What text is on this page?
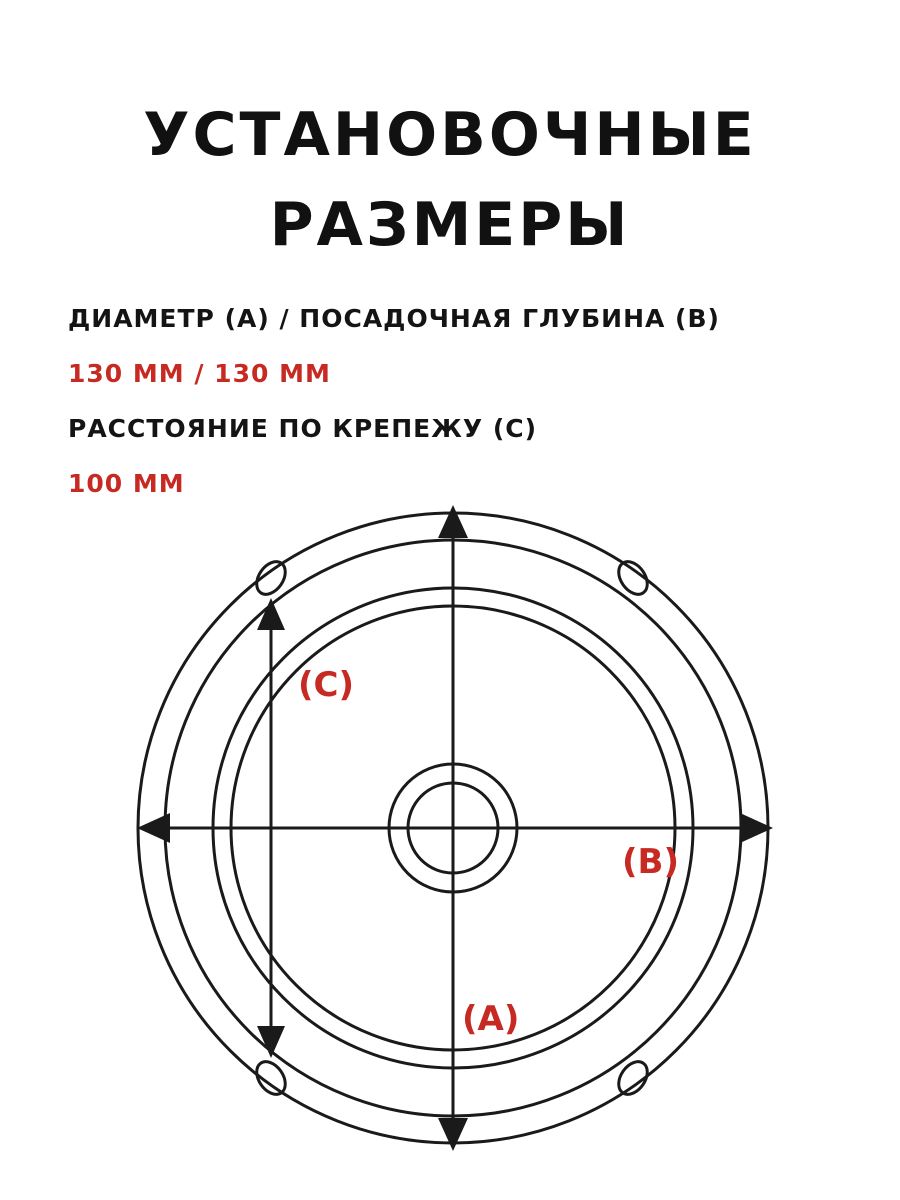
УСТАНОВОЧНЫЕ
РАЗМЕРЫ
ДИАМЕТР (А) / ПОСАДОЧНАЯ ГЛУБИНА (В)
130 ММ / 130 ММ
РАССТОЯНИЕ ПО КРЕПЕЖУ (С)
100 ММ
(C)
(B)
(A)
